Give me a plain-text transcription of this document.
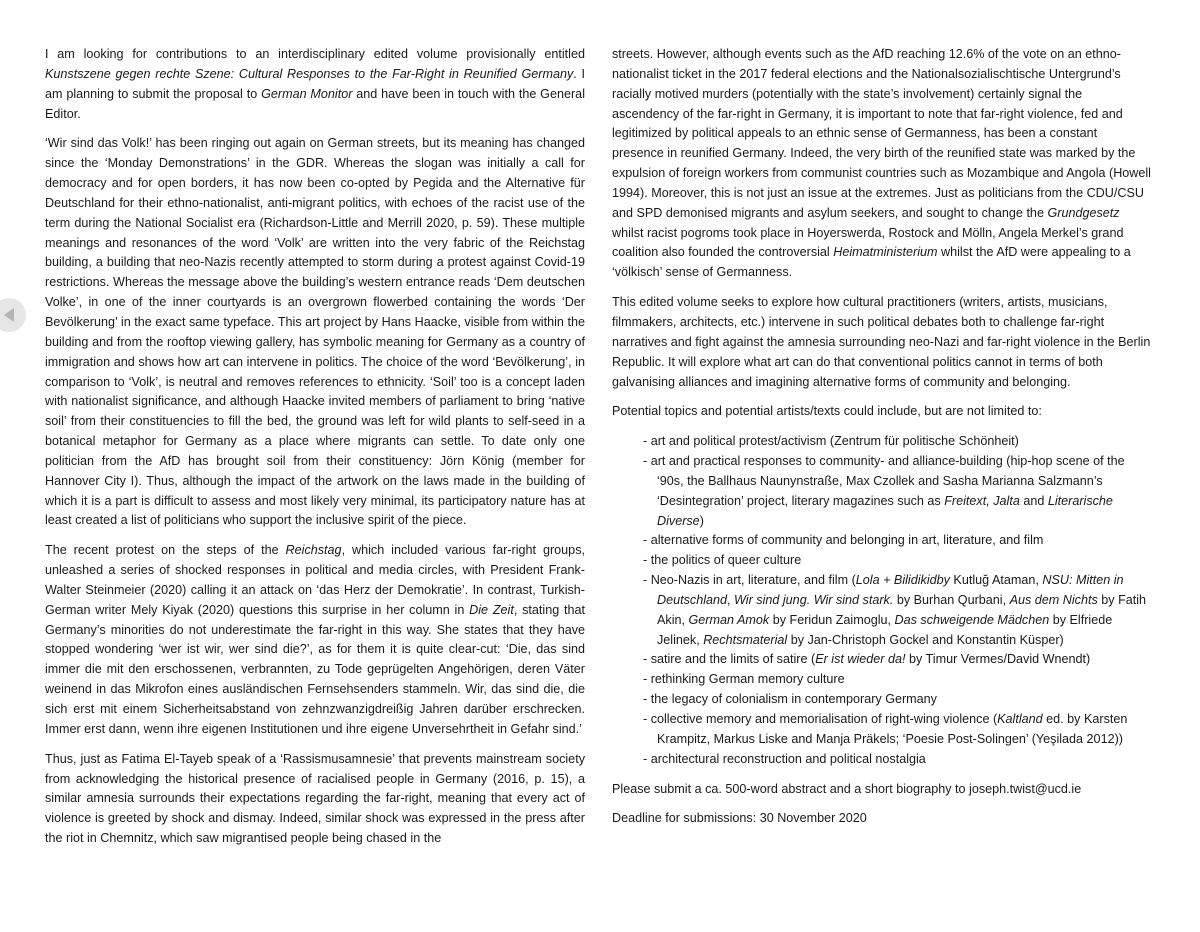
I am looking for contributions to an interdisciplinary edited volume provisionally entitled Kunstszene gegen rechte Szene: Cultural Responses to the Far-Right in Reunified Germany. I am planning to submit the proposal to German Monitor and have been in touch with the General Editor.

‘Wir sind das Volk!’ has been ringing out again on German streets, but its meaning has changed since the ‘Monday Demonstrations’ in the GDR. Whereas the slogan was initially a call for democracy and for open borders, it has now been co-opted by Pegida and the Alternative für Deutschland for their ethno-nationalist, anti-migrant politics, with echoes of the racist use of the term during the National Socialist era (Richardson-Little and Merrill 2020, p. 59). These multiple meanings and resonances of the word ‘Volk’ are written into the very fabric of the Reichstag building, a building that neo-Nazis recently attempted to storm during a protest against Covid-19 restrictions. Whereas the message above the building’s western entrance reads ‘Dem deutschen Volke’, in one of the inner courtyards is an overgrown flowerbed containing the words ‘Der Bevölkerung’ in the exact same typeface. This art project by Hans Haacke, visible from within the building and from the rooftop viewing gallery, has symbolic meaning for Germany as a country of immigration and shows how art can intervene in politics. The choice of the word ‘Bevölkerung’, in comparison to ‘Volk’, is neutral and removes references to ethnicity. ‘Soil’ too is a concept laden with nationalist significance, and although Haacke invited members of parliament to bring ‘native soil’ from their constituencies to fill the bed, the ground was left for wild plants to self-seed in a botanical metaphor for Germany as a place where migrants can settle. To date only one politician from the AfD has brought soil from their constituency: Jörn König (member for Hannover City I). Thus, although the impact of the artwork on the laws made in the building of which it is a part is difficult to assess and most likely very minimal, its participatory nature has at least created a list of politicians who support the inclusive spirit of the piece.

The recent protest on the steps of the Reichstag, which included various far-right groups, unleashed a series of shocked responses in political and media circles, with President Frank-Walter Steinmeier (2020) calling it an attack on ‘das Herz der Demokratie’. In contrast, Turkish-German writer Mely Kiyak (2020) questions this surprise in her column in Die Zeit, stating that Germany’s minorities do not underestimate the far-right in this way. She states that they have stopped wondering ‘wer ist wir, wer sind die?’, as for them it is quite clear-cut: ‘Die, das sind immer die mit den erschossenen, verbrannten, zu Tode geprügelten Angehörigen, deren Väter weinend in das Mikrofon eines ausländischen Fernsehsenders stammeln. Wir, das sind die, die sich erst mit einem Sicherheitsabstand von zehnzwanzigdreißig Jahren darüber erschrecken. Immer erst dann, wenn ihre eigenen Institutionen und ihre eigene Unversehrtheit in Gefahr sind.’

Thus, just as Fatima El-Tayeb speak of a ‘Rassismusamnesie’ that prevents mainstream society from acknowledging the historical presence of racialised people in Germany (2016, p. 15), a similar amnesia surrounds their expectations regarding the far-right, meaning that every act of violence is greeted by shock and dismay. Indeed, similar shock was expressed in the press after the riot in Chemnitz, which saw migrantised people being chased in the

streets. However, although events such as the AfD reaching 12.6% of the vote on an ethno-nationalist ticket in the 2017 federal elections and the Nationalsozialischtische Untergrund’s racially motived murders (potentially with the state’s involvement) certainly signal the ascendency of the far-right in Germany, it is important to note that far-right violence, fed and legitimized by political appeals to an ethnic sense of Germanness, has been a constant presence in reunified Germany. Indeed, the very birth of the reunified state was marked by the expulsion of foreign workers from communist countries such as Mozambique and Angola (Howell 1994). Moreover, this is not just an issue at the extremes. Just as politicians from the CDU/CSU and SPD demonised migrants and asylum seekers, and sought to change the Grundgesetz whilst racist pogroms took place in Hoyerswerda, Rostock and Mölln, Angela Merkel’s grand coalition also founded the controversial Heimatministerium whilst the AfD were appealing to a ‘völkisch’ sense of Germanness.

This edited volume seeks to explore how cultural practitioners (writers, artists, musicians, filmmakers, architects, etc.) intervene in such political debates both to challenge far-right narratives and fight against the amnesia surrounding neo-Nazi and far-right violence in the Berlin Republic. It will explore what art can do that conventional politics cannot in terms of both galvanising alliances and imagining alternative forms of community and belonging.

Potential topics and potential artists/texts could include, but are not limited to:

- art and political protest/activism (Zentrum für politische Schönheit)
- art and practical responses to community- and alliance-building (hip-hop scene of the ‘90s, the Ballhaus Naunynstraße, Max Czollek and Sasha Marianna Salzmann’s ‘Desintegration’ project, literary magazines such as Freitext, Jalta and Literarische Diverse)
- alternative forms of community and belonging in art, literature, and film
- the politics of queer culture
- Neo-Nazis in art, literature, and film (Lola + Bilidikidby Kutluğ Ataman, NSU: Mitten in Deutschland, Wir sind jung. Wir sind stark. by Burhan Qurbani, Aus dem Nichts by Fatih Akin, German Amok by Feridun Zaimoglu, Das schweigende Mädchen by Elfriede Jelinek, Rechtsmaterial by Jan-Christoph Gockel and Konstantin Küsper)
- satire and the limits of satire (Er ist wieder da! by Timur Vermes/David Wnendt)
- rethinking German memory culture
- the legacy of colonialism in contemporary Germany
- collective memory and memorialisation of right-wing violence (Kaltland ed. by Karsten Krampitz, Markus Liske and Manja Präkels; ‘Poesie Post-Solingen’ (Yeşilada 2012))
- architectural reconstruction and political nostalgia

Please submit a ca. 500-word abstract and a short biography to joseph.twist@ucd.ie

Deadline for submissions: 30 November 2020
